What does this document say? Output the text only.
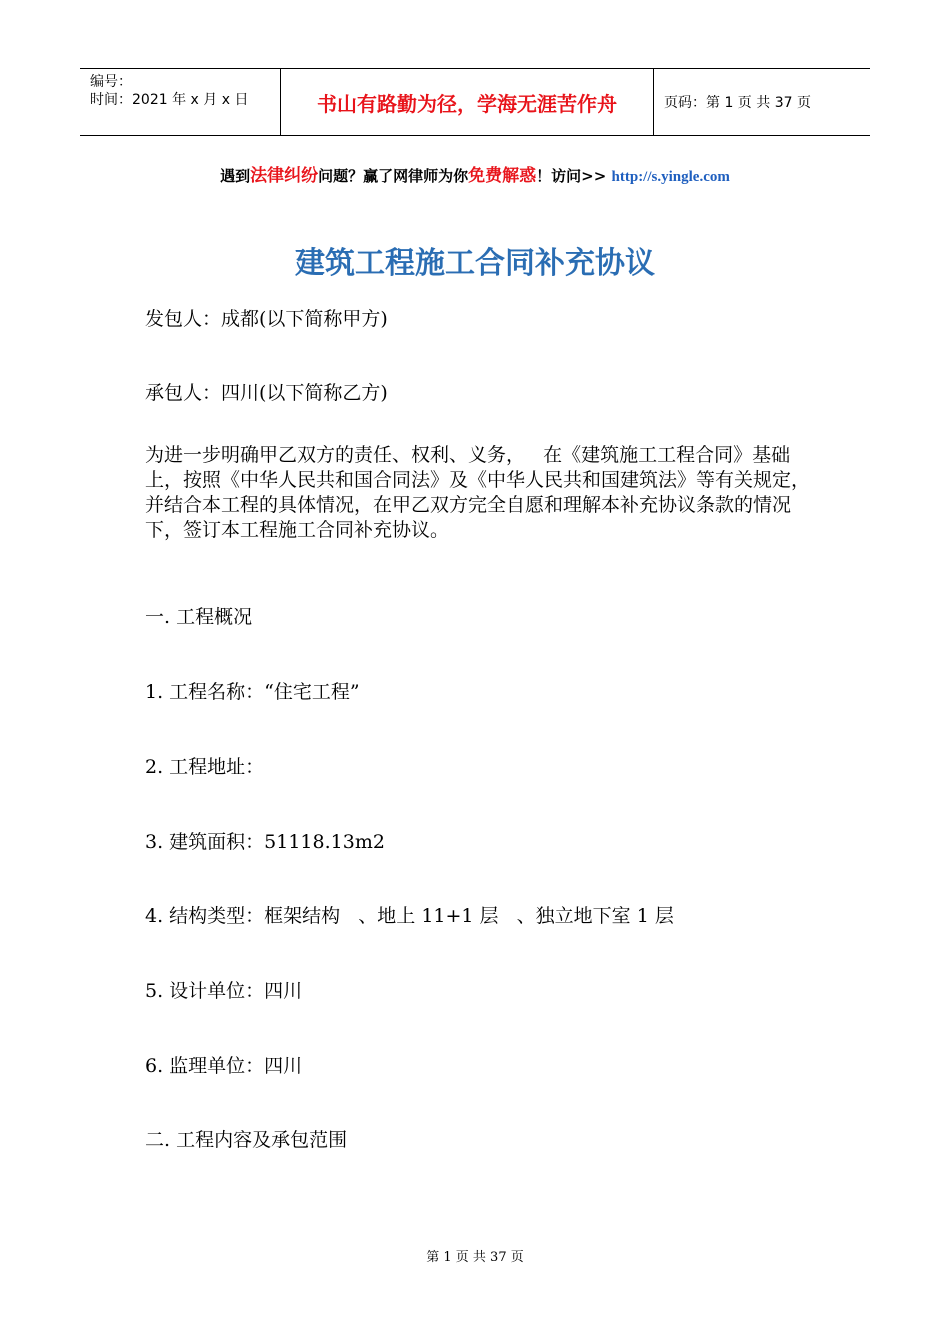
编号：
时间：2021 年 x 月 x 日	书山有路勤为径，学海无涯苦作舟	页码：第 1 页 共 37 页
遇到法律纠纷问题？赢了网律师为你免费解惑！访问>> http://s.yingle.com
建筑工程施工合同补充协议
发包人：成都(以下简称甲方)
承包人：四川(以下简称乙方)
为进一步明确甲乙双方的责任、权利、义务，   在《建筑施工工程合同》基础上，按照《中华人民共和国合同法》及《中华人民共和国建筑法》等有关规定，并结合本工程的具体情况，在甲乙双方完全自愿和理解本补充协议条款的情况下，签订本工程施工合同补充协议。
一. 工程概况
1. 工程名称：“住宅工程”
2. 工程地址：
3. 建筑面积：51118.13m2
4. 结构类型：框架结构   、地上 11+1 层   、独立地下室 1 层
5. 设计单位：四川
6. 监理单位：四川
二. 工程内容及承包范围
第 1 页 共 37 页
